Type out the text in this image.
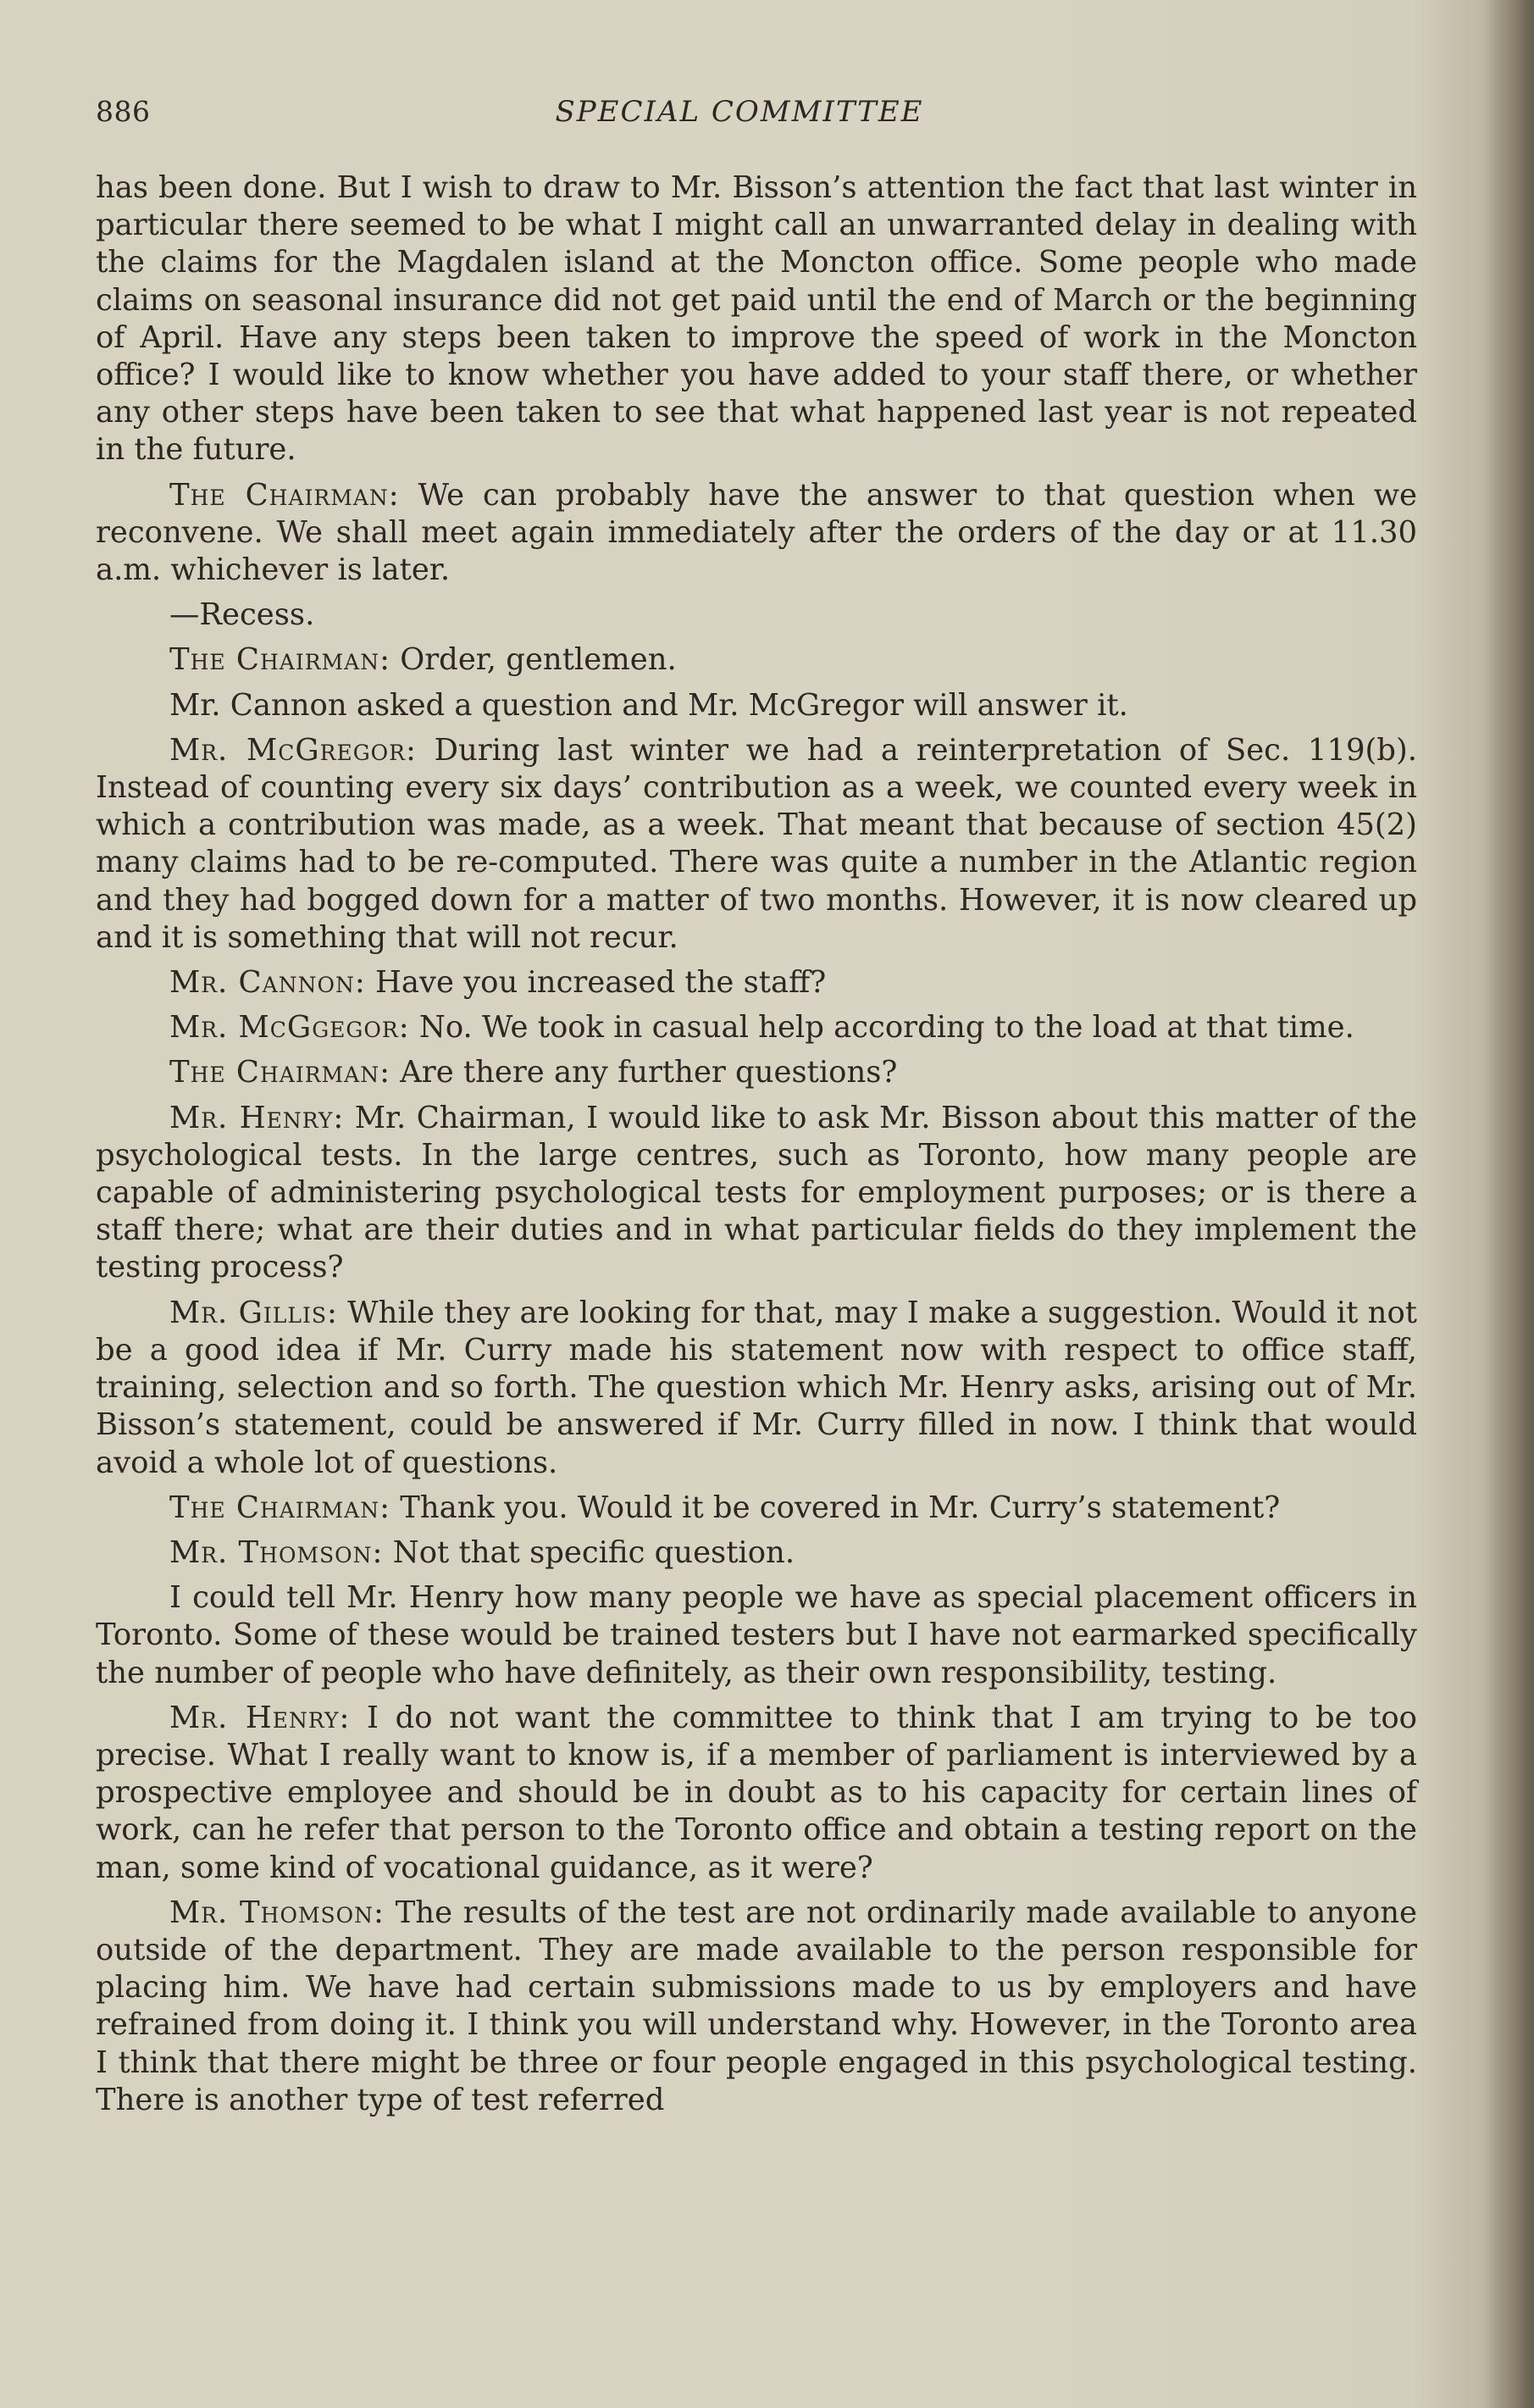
886	SPECIAL COMMITTEE

has been done. But I wish to draw to Mr. Bisson’s attention the fact that last winter in particular there seemed to be what I might call an unwarranted delay in dealing with the claims for the Magdalen island at the Moncton office. Some people who made claims on seasonal insurance did not get paid until the end of March or the beginning of April. Have any steps been taken to improve the speed of work in the Moncton office? I would like to know whether you have added to your staff there, or whether any other steps have been taken to see that what happened last year is not repeated in the future.

The Chairman: We can probably have the answer to that question when we reconvene. We shall meet again immediately after the orders of the day or at 11.30 a.m. whichever is later.

—Recess.

The Chairman: Order, gentlemen.

Mr. Cannon asked a question and Mr. McGregor will answer it.

Mr. McGregor: During last winter we had a reinterpretation of Sec. 119(b). Instead of counting every six days’ contribution as a week, we counted every week in which a contribution was made, as a week. That meant that because of section 45(2) many claims had to be re-computed. There was quite a number in the Atlantic region and they had bogged down for a matter of two months. However, it is now cleared up and it is something that will not recur.

Mr. Cannon: Have you increased the staff?

Mr. McGgegor: No. We took in casual help according to the load at that time.

The Chairman: Are there any further questions?

Mr. Henry: Mr. Chairman, I would like to ask Mr. Bisson about this matter of the psychological tests. In the large centres, such as Toronto, how many people are capable of administering psychological tests for employment purposes; or is there a staff there; what are their duties and in what particular fields do they implement the testing process?

Mr. Gillis: While they are looking for that, may I make a suggestion. Would it not be a good idea if Mr. Curry made his statement now with respect to office staff, training, selection and so forth. The question which Mr. Henry asks, arising out of Mr. Bisson’s statement, could be answered if Mr. Curry filled in now. I think that would avoid a whole lot of questions.

The Chairman: Thank you. Would it be covered in Mr. Curry’s statement?

Mr. Thomson: Not that specific question.

I could tell Mr. Henry how many people we have as special placement officers in Toronto. Some of these would be trained testers but I have not earmarked specifically the number of people who have definitely, as their own responsibility, testing.

Mr. Henry: I do not want the committee to think that I am trying to be too precise. What I really want to know is, if a member of parliament is interviewed by a prospective employee and should be in doubt as to his capacity for certain lines of work, can he refer that person to the Toronto office and obtain a testing report on the man, some kind of vocational guidance, as it were?

Mr. Thomson: The results of the test are not ordinarily made available to anyone outside of the department. They are made available to the person responsible for placing him. We have had certain submissions made to us by employers and have refrained from doing it. I think you will understand why. However, in the Toronto area I think that there might be three or four people engaged in this psychological testing. There is another type of test referred
